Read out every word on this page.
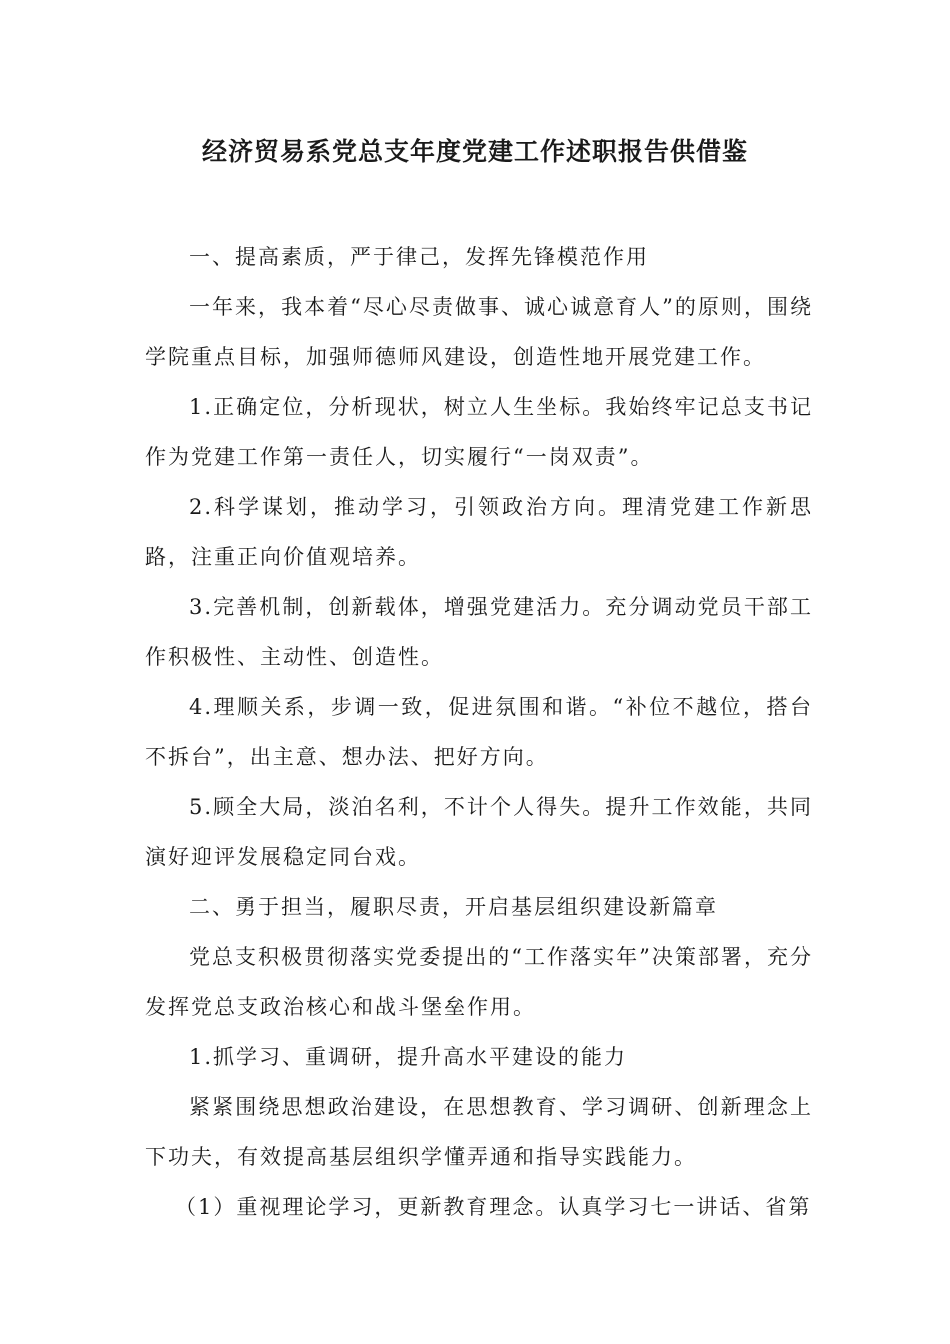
经济贸易系党总支年度党建工作述职报告供借鉴

一、提高素质，严于律己，发挥先锋模范作用

一年来，我本着“尽心尽责做事、诚心诚意育人”的原则，围绕学院重点目标，加强师德师风建设，创造性地开展党建工作。

1.正确定位，分析现状，树立人生坐标。我始终牢记总支书记作为党建工作第一责任人，切实履行“一岗双责”。

2.科学谋划，推动学习，引领政治方向。理清党建工作新思路，注重正向价值观培养。

3.完善机制，创新载体，增强党建活力。充分调动党员干部工作积极性、主动性、创造性。

4.理顺关系，步调一致，促进氛围和谐。“补位不越位，搭台不拆台”，出主意、想办法、把好方向。

5.顾全大局，淡泊名利，不计个人得失。提升工作效能，共同演好迎评发展稳定同台戏。

二、勇于担当，履职尽责，开启基层组织建设新篇章

党总支积极贯彻落实党委提出的“工作落实年”决策部署，充分发挥党总支政治核心和战斗堡垒作用。

1.抓学习、重调研，提升高水平建设的能力

紧紧围绕思想政治建设，在思想教育、学习调研、创新理念上下功夫，有效提高基层组织学懂弄通和指导实践能力。

（1）重视理论学习，更新教育理念。认真学习七一讲话、省第
